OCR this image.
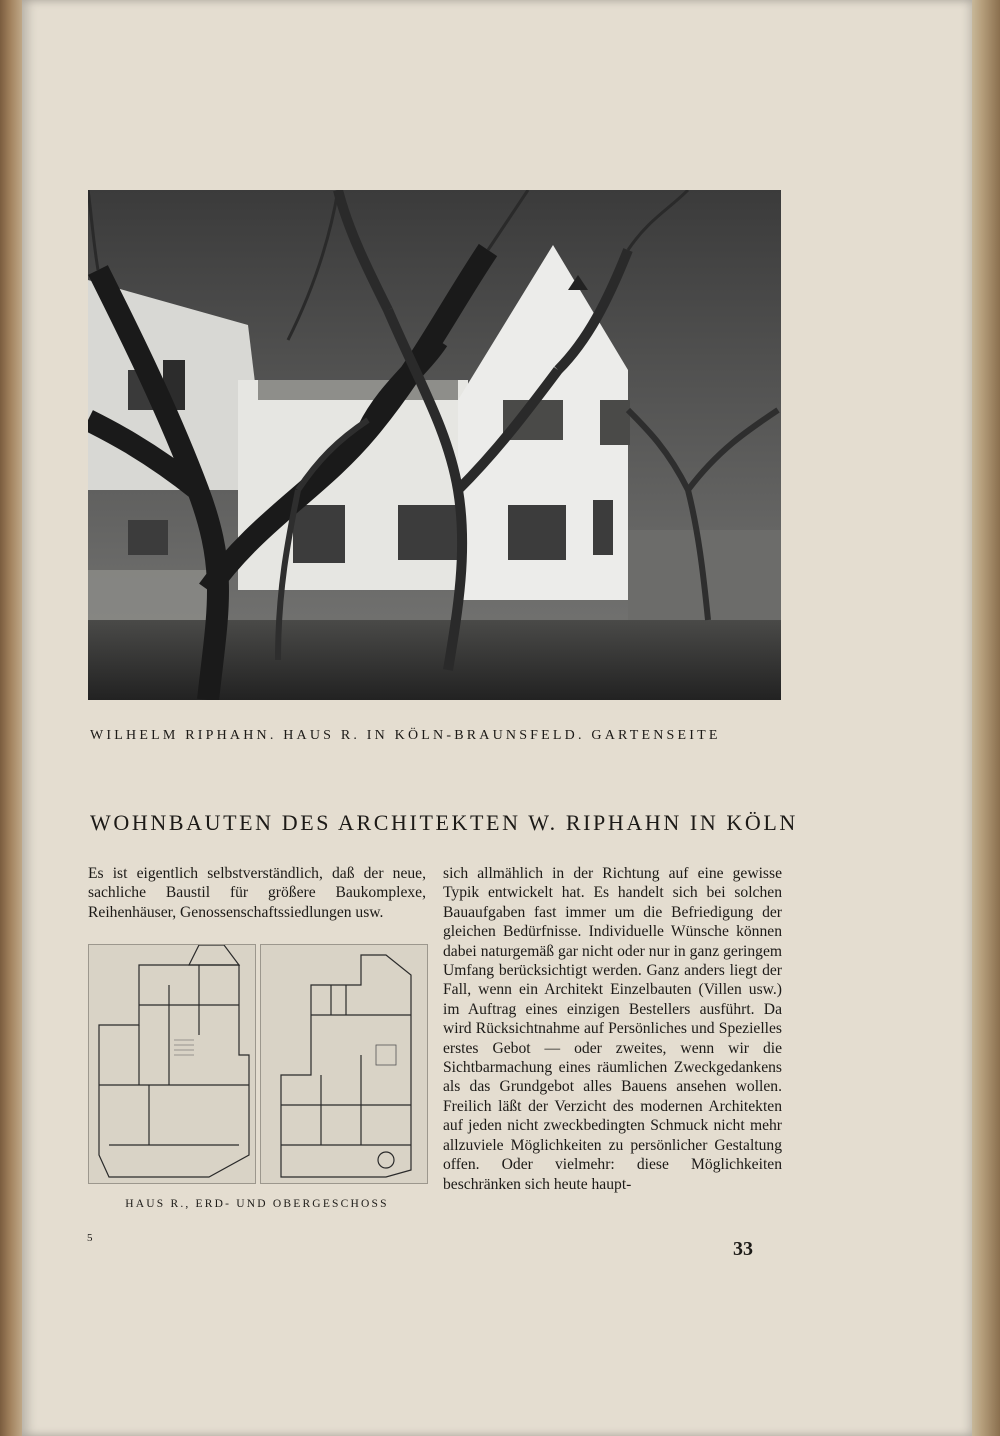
WILHELM RIPHAHN. HAUS R. IN KÖLN-BRAUNSFELD. GARTENSEITE
WOHNBAUTEN DES ARCHITEKTEN W. RIPHAHN IN KÖLN

Es ist eigentlich selbstverständlich, daß der neue, sachliche Baustil für größere Baukomplexe, Reihenhäuser, Genossenschaftssiedlungen usw.

HAUS R., ERD- UND OBERGESCHOSS

sich allmählich in der Richtung auf eine gewisse Typik entwickelt hat. Es handelt sich bei solchen Bauaufgaben fast immer um die Befriedigung der gleichen Bedürfnisse. Individuelle Wünsche können dabei naturgemäß gar nicht oder nur in ganz geringem Umfang berücksichtigt werden. Ganz anders liegt der Fall, wenn ein Architekt Einzelbauten (Villen usw.) im Auftrag eines einzigen Bestellers ausführt. Da wird Rücksichtnahme auf Persönliches und Spezielles erstes Gebot — oder zweites, wenn wir die Sichtbarmachung eines räumlichen Zweckgedankens als das Grundgebot alles Bauens ansehen wollen. Freilich läßt der Verzicht des modernen Architekten auf jeden nicht zweckbedingten Schmuck nicht mehr allzuviele Möglichkeiten zu persönlicher Gestaltung offen. Oder vielmehr: diese Möglichkeiten beschränken sich heute haupt-

5	33
